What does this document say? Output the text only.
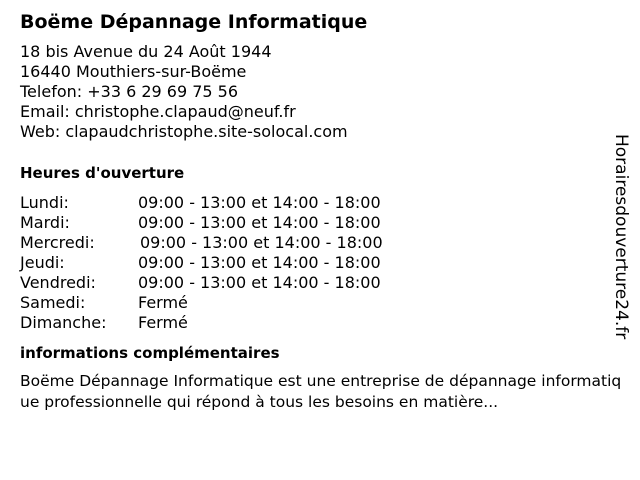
Boëme Dépannage Informatique
18 bis Avenue du 24 Août 1944
16440 Mouthiers-sur-Boëme
Telefon: +33 6 29 69 75 56
Email: christophe.clapaud@neuf.fr
Web: clapaudchristophe.site-solocal.com
Heures d'ouverture
Lundi:	09:00 - 13:00 et 14:00 - 18:00
Mardi:	09:00 - 13:00 et 14:00 - 18:00
Mercredi:	09:00 - 13:00 et 14:00 - 18:00
Jeudi:	09:00 - 13:00 et 14:00 - 18:00
Vendredi:	09:00 - 13:00 et 14:00 - 18:00
Samedi:	Fermé
Dimanche: Fermé
informations complémentaires
Boëme Dépannage Informatique est une entreprise de dépannage informatique professionnelle qui répond à tous les besoins en matière...
Horairesdouverture24.fr
